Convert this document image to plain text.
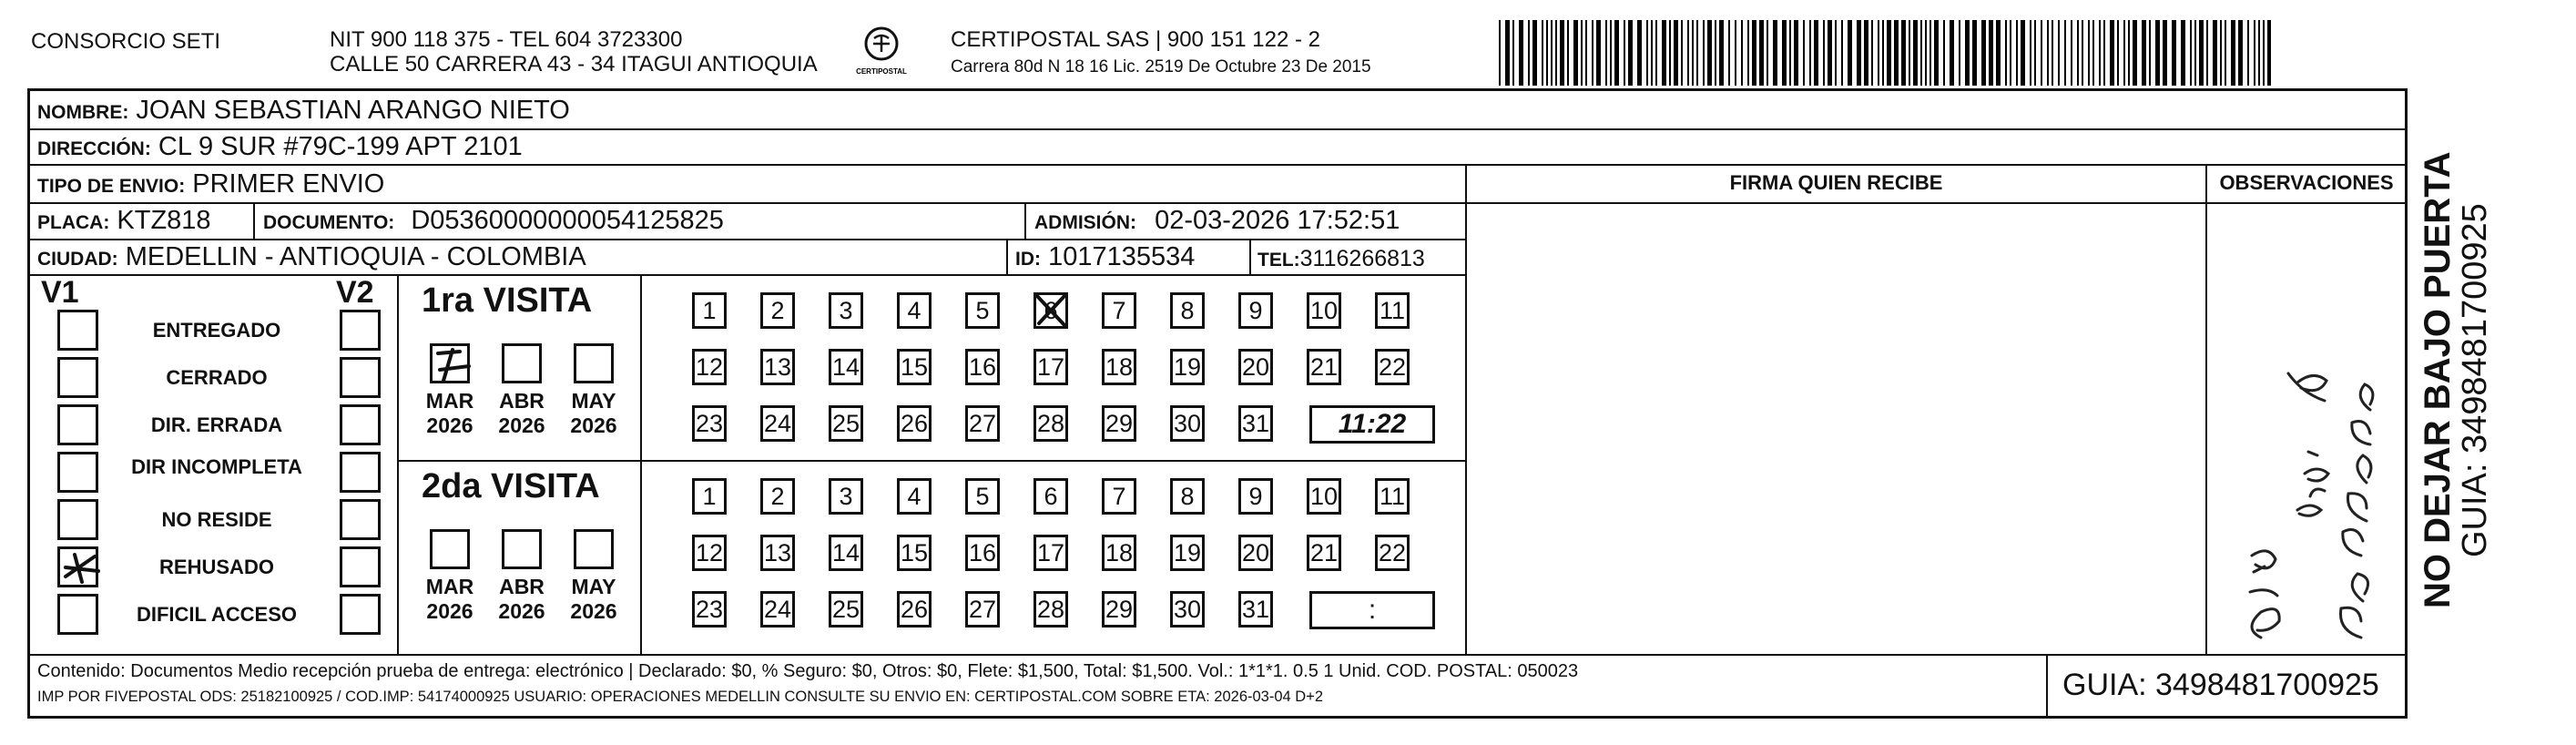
CONSORCIO SETI	NIT 900 118 375 - TEL 604 3723300
CALLE 50 CARRERA 43 - 34 ITAGUI ANTIOQUIA	CERTIPOSTAL
CERTIPOSTAL SAS | 900 151 122 - 2
Carrera 80d N 18 16 Lic. 2519 De Octubre 23 De 2015
NOMBRE: JOAN SEBASTIAN ARANGO NIETO
DIRECCIÓN: CL 9 SUR #79C-199 APT 2101
TIPO DE ENVIO: PRIMER ENVIO
PLACA: KTZ818	DOCUMENTO: D05360000000054125825	ADMISIÓN: 02-03-2026 17:52:51
CIUDAD: MEDELLIN - ANTIOQUIA - COLOMBIA	ID: 1017135534	TEL:3116266813
FIRMA QUIEN RECIBE	OBSERVACIONES
V1	V2
ENTREGADO
CERRADO
DIR. ERRADA
DIR INCOMPLETA
NO RESIDE
REHUSADO
DIFICIL ACCESO
1ra VISITA
MAR
2026
ABR
2026
MAY
2026
1 2 3 4 5 6 7 8 9 10 11
12 13 14 15 16 17 18 19 20 21 22
23 24 25 26 27 28 29 30 31	11:22
2da VISITA
MAR
2026
ABR
2026
MAY
2026
1 2 3 4 5 6 7 8 9 10 11
12 13 14 15 16 17 18 19 20 21 22
23 24 25 26 27 28 29 30 31	:
Contenido: Documentos Medio recepción prueba de entrega: electrónico | Declarado: $0, % Seguro: $0, Otros: $0, Flete: $1,500, Total: $1,500. Vol.: 1*1*1. 0.5 1 Unid. COD. POSTAL: 050023
IMP POR FIVEPOSTAL ODS: 25182100925 / COD.IMP: 54174000925 USUARIO: OPERACIONES MEDELLIN CONSULTE SU ENVIO EN: CERTIPOSTAL.COM SOBRE ETA: 2026-03-04 D+2	GUIA: 3498481700925
NO DEJAR BAJO PUERTA
GUIA: 3498481700925
